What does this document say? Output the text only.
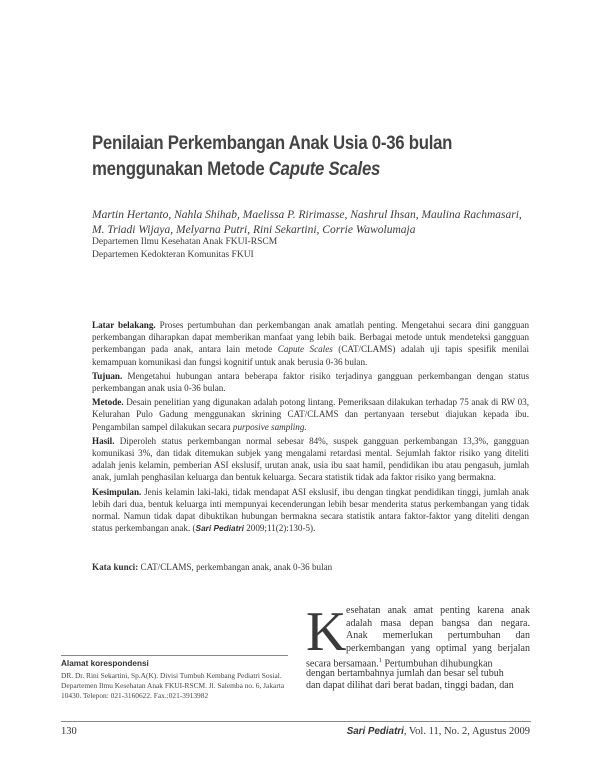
Penilaian Perkembangan Anak Usia 0-36 bulan
menggunakan Metode Capute Scales
Martin Hertanto, Nahla Shihab, Maelissa P. Ririmasse, Nashrul Ihsan, Maulina Rachmasari, M. Triadi Wijaya, Melyarna Putri, Rini Sekartini, Corrie Wawolumaja
Departemen Ilmu Kesehatan Anak FKUI-RSCM
Departemen Kedokteran Komunitas FKUI

Latar belakang. Proses pertumbuhan dan perkembangan anak amatlah penting. Mengetahui secara dini gangguan perkembangan diharapkan dapat memberikan manfaat yang lebih baik. Berbagai metode untuk mendeteksi gangguan perkembangan pada anak, antara lain metode Capute Scales (CAT/CLAMS) adalah uji tapis spesifik menilai kemampuan komunikasi dan fungsi kognitif untuk anak berusia 0-36 bulan.

Tujuan. Mengetahui hubungan antara beberapa faktor risiko terjadinya gangguan perkembangan dengan status perkembangan anak usia 0-36 bulan.

Metode. Desain penelitian yang digunakan adalah potong lintang. Pemeriksaan dilakukan terhadap 75 anak di RW 03, Kelurahan Pulo Gadung menggunakan skrining CAT/CLAMS dan pertanyaan tersebut diajukan kepada ibu. Pengambilan sampel dilakukan secara purposive sampling.

Hasil. Diperoleh status perkembangan normal sebesar 84%, suspek gangguan perkembangan 13,3%, gangguan komunikasi 3%, dan tidak ditemukan subjek yang mengalami retardasi mental. Sejumlah faktor risiko yang diteliti adalah jenis kelamin, pemberian ASI ekslusif, urutan anak, usia ibu saat hamil, pendidikan ibu atau pengasuh, jumlah anak, jumlah penghasilan keluarga dan bentuk keluarga. Secara statistik tidak ada faktor risiko yang bermakna.

Kesimpulan. Jenis kelamin laki-laki, tidak mendapat ASI ekslusif, ibu dengan tingkat pendidikan tinggi, jumlah anak lebih dari dua, bentuk keluarga inti mempunyai kecenderungan lebih besar menderita status perkembangan yang tidak normal. Namun tidak dapat dibuktikan hubungan bermakna secara statistik antara faktor-faktor yang diteliti dengan status perkembangan anak. (Sari Pediatri 2009;11(2):130-5).

Kata kunci: CAT/CLAMS, perkembangan anak, anak 0-36 bulan
Alamat korespondensi
DR. Dr. Rini Sekartini, Sp.A(K). Divisi Tumbuh Kembang Pediatri Sosial. Departemen Ilmu Kesehatan Anak FKUI-RSCM. Jl. Salemba no. 6, Jakarta 10430. Telepon: 021-3160622. Fax.:021-3913982
K esehatan anak amat penting karena anak
adalah masa depan bangsa dan negara.
Anak memerlukan pertumbuhan dan
perkembangan yang optimal yang berjalan
secara bersamaan.$^1$ Pertumbuhan dihubungkan
dengan bertambahnya jumlah dan besar sel tubuh
dan dapat dilihat dari berat badan, tinggi badan, dan
130	Sari Pediatri, Vol. 11, No. 2, Agustus 2009
